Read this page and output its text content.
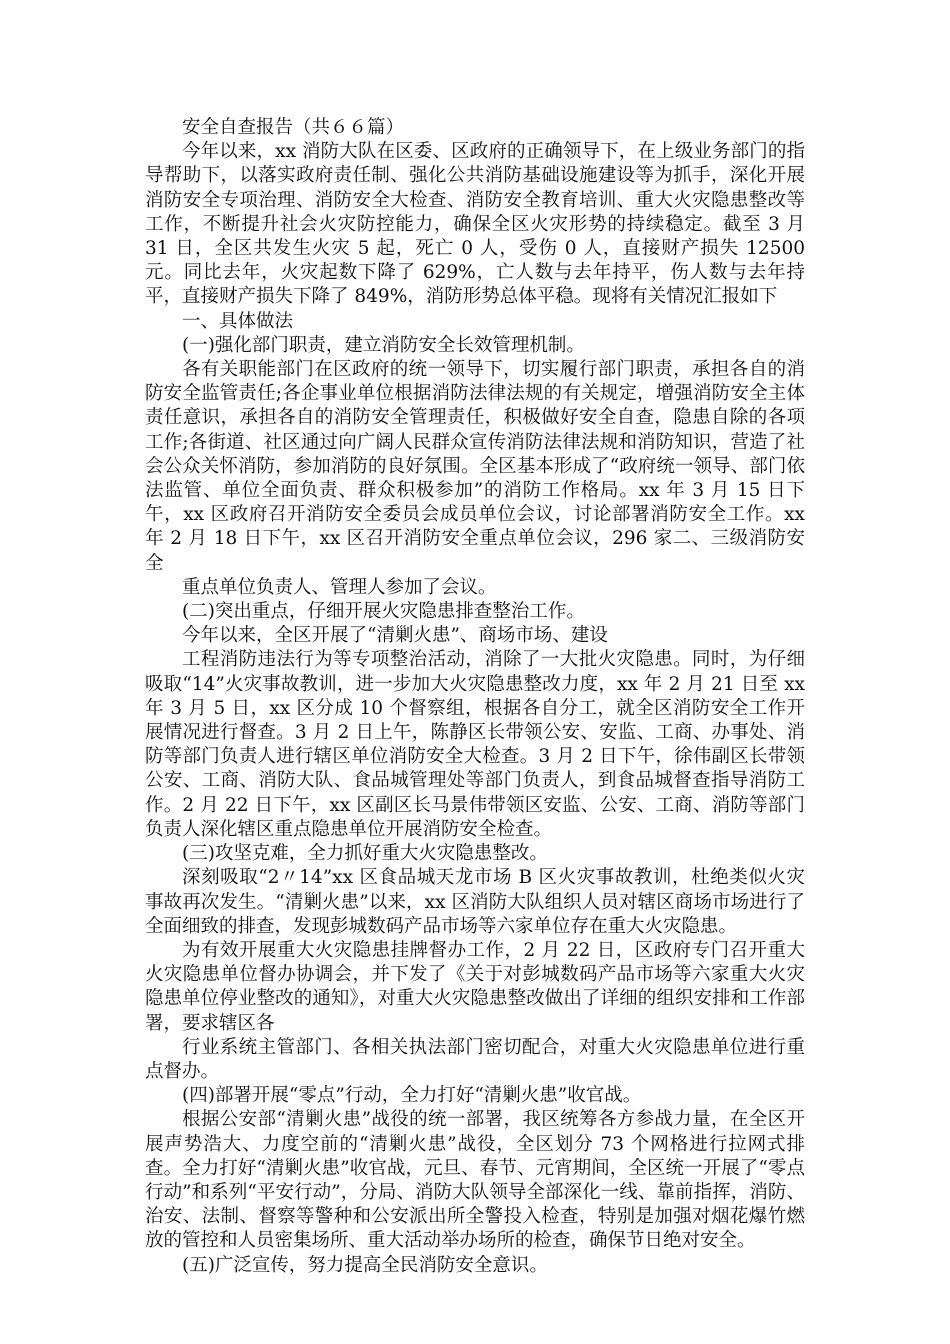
安全自查报告（共６６篇）

今年以来，xx 消防大队在区委、区政府的正确领导下，在上级业务部门的指导帮助下，以落实政府责任制、强化公共消防基础设施建设等为抓手，深化开展消防安全专项治理、消防安全大检查、消防安全教育培训、重大火灾隐患整改等工作，不断提升社会火灾防控能力，确保全区火灾形势的持续稳定。截至 3 月 31 日，全区共发生火灾 5 起，死亡 0 人，受伤 0 人，直接财产损失 12500 元。同比去年，火灾起数下降了 629%，亡人数与去年持平，伤人数与去年持平，直接财产损失下降了 849%，消防形势总体平稳。现将有关情况汇报如下

一、具体做法

(一)强化部门职责，建立消防安全长效管理机制。

各有关职能部门在区政府的统一领导下，切实履行部门职责，承担各自的消防安全监管责任;各企事业单位根据消防法律法规的有关规定，增强消防安全主体责任意识，承担各自的消防安全管理责任，积极做好安全自查，隐患自除的各项工作;各街道、社区通过向广阔人民群众宣传消防法律法规和消防知识，营造了社会公众关怀消防，参加消防的良好氛围。全区基本形成了“政府统一领导、部门依法监管、单位全面负责、群众积极参加”的消防工作格局。xx 年 3 月 15 日下午，xx 区政府召开消防安全委员会成员单位会议，讨论部署消防安全工作。xx 年 2 月 18 日下午，xx 区召开消防安全重点单位会议，296 家二、三级消防安全

重点单位负责人、管理人参加了会议。

(二)突出重点，仔细开展火灾隐患排查整治工作。

今年以来，全区开展了“清剿火患”、商场市场、建设

工程消防违法行为等专项整治活动，消除了一大批火灾隐患。同时，为仔细吸取“14”火灾事故教训，进一步加大火灾隐患整改力度，xx 年 2 月 21 日至 xx 年 3 月 5 日，xx 区分成 10 个督察组，根据各自分工，就全区消防安全工作开展情况进行督查。3 月 2 日上午，陈静区长带领公安、安监、工商、办事处、消防等部门负责人进行辖区单位消防安全大检查。3 月 2 日下午，徐伟副区长带领公安、工商、消防大队、食品城管理处等部门负责人，到食品城督查指导消防工作。2 月 22 日下午，xx 区副区长马景伟带领区安监、公安、工商、消防等部门负责人深化辖区重点隐患单位开展消防安全检查。

(三)攻坚克难，全力抓好重大火灾隐患整改。

深刻吸取“2〃14”xx 区食品城天龙市场 B 区火灾事故教训，杜绝类似火灾事故再次发生。“清剿火患”以来，xx 区消防大队组织人员对辖区商场市场进行了全面细致的排查，发现彭城数码产品市场等六家单位存在重大火灾隐患。

为有效开展重大火灾隐患挂牌督办工作，2 月 22 日，区政府专门召开重大火灾隐患单位督办协调会，并下发了《关于对彭城数码产品市场等六家重大火灾隐患单位停业整改的通知》，对重大火灾隐患整改做出了详细的组织安排和工作部署，要求辖区各

行业系统主管部门、各相关执法部门密切配合，对重大火灾隐患单位进行重点督办。

(四)部署开展“零点”行动，全力打好“清剿火患”收官战。

根据公安部“清剿火患”战役的统一部署，我区统筹各方参战力量，在全区开展声势浩大、力度空前的“清剿火患”战役，全区划分 73 个网格进行拉网式排查。全力打好“清剿火患”收官战，元旦、春节、元宵期间，全区统一开展了“零点行动”和系列“平安行动”，分局、消防大队领导全部深化一线、靠前指挥，消防、治安、法制、督察等警种和公安派出所全警投入检查，特别是加强对烟花爆竹燃放的管控和人员密集场所、重大活动举办场所的检查，确保节日绝对安全。

(五)广泛宣传，努力提高全民消防安全意识。
